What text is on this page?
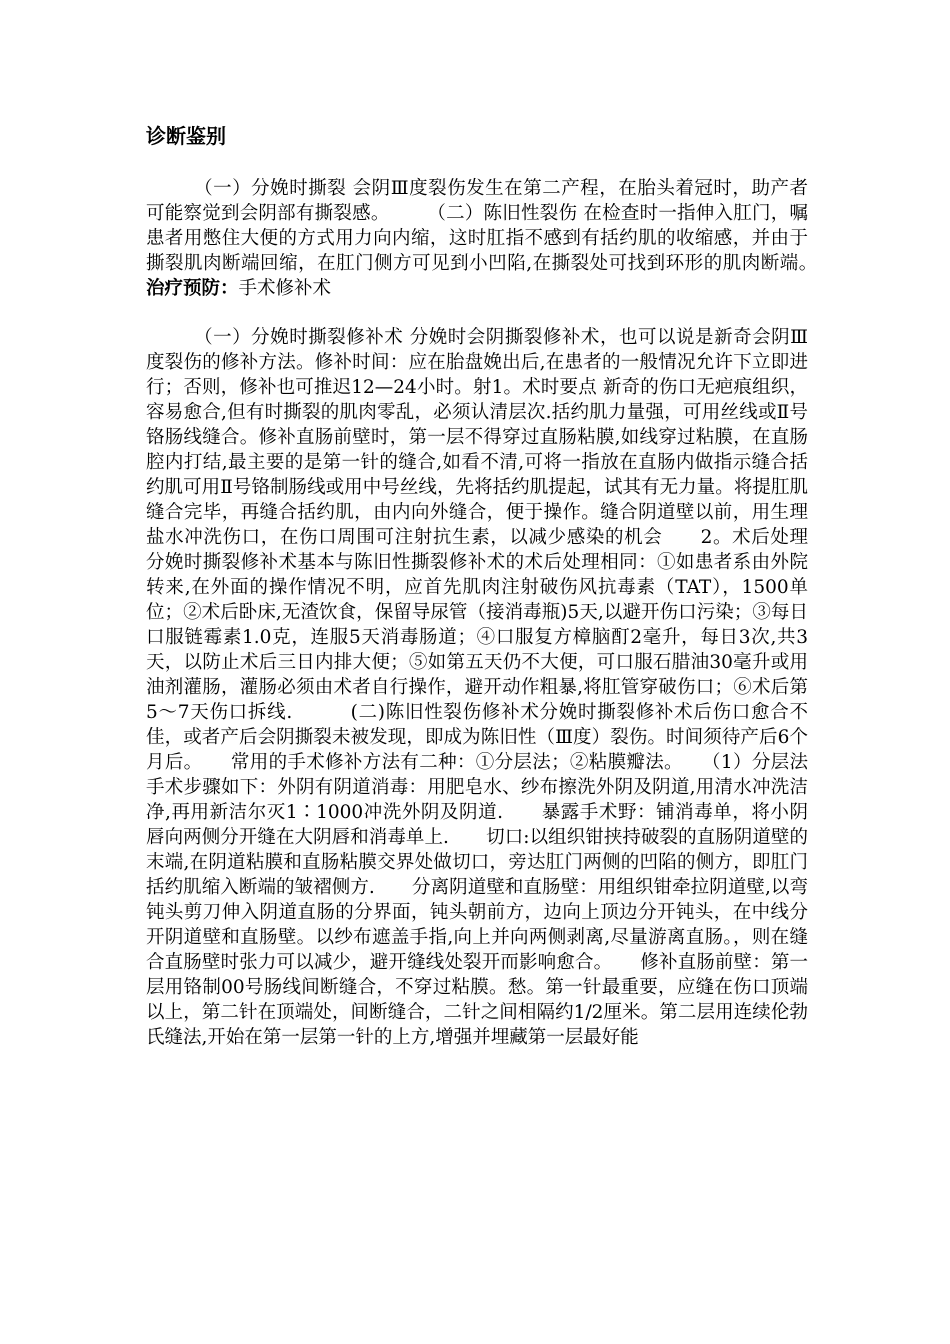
诊断鉴别

（一）分娩时撕裂 会阴Ⅲ度裂伤发生在第二产程，在胎头着冠时，助产者可能察觉到会阴部有撕裂感。　　　（二）陈旧性裂伤 在检查时一指伸入肛门，嘱患者用憋住大便的方式用力向内缩，这时肛指不感到有括约肌的收缩感，并由于撕裂肌肉断端回缩，在肛门侧方可见到小凹陷,在撕裂处可找到环形的肌肉断端。　　　治疗预防：手术修补术

（一）分娩时撕裂修补术 分娩时会阴撕裂修补术，也可以说是新奇会阴Ⅲ度裂伤的修补方法。修补时间：应在胎盘娩出后,在患者的一般情况允许下立即进行；否则，修补也可推迟12—24小时。射1。术时要点 新奇的伤口无疤痕组织，容易愈合,但有时撕裂的肌肉零乱，必须认清层次.括约肌力量强，可用丝线或Ⅱ号铬肠线缝合。修补直肠前壁时，第一层不得穿过直肠粘膜,如线穿过粘膜，在直肠腔内打结,最主要的是第一针的缝合,如看不清,可将一指放在直肠内做指示缝合括约肌可用Ⅱ号铬制肠线或用中号丝线，先将括约肌提起，试其有无力量。将提肛肌缝合完毕，再缝合括约肌，由内向外缝合，便于操作。缝合阴道壁以前，用生理盐水冲洗伤口，在伤口周围可注射抗生素，以减少感染的机会　　2。术后处理 分娩时撕裂修补术基本与陈旧性撕裂修补术的术后处理相同：①如患者系由外院转来,在外面的操作情况不明，应首先肌肉注射破伤风抗毒素（TAT），1500单位；②术后卧床,无渣饮食，保留导尿管（接消毒瓶)5天,以避开伤口污染；③每日口服链霉素1.0克，连服5天消毒肠道；④口服复方樟脑酊2毫升，每日3次,共3天，以防止术后三日内排大便；⑤如第五天仍不大便，可口服石腊油30毫升或用油剂灌肠，灌肠必须由术者自行操作，避开动作粗暴,将肛管穿破伤口；⑥术后第5～7天伤口拆线.　　　(二)陈旧性裂伤修补术分娩时撕裂修补术后伤口愈合不佳，或者产后会阴撕裂未被发现，即成为陈旧性（Ⅲ度）裂伤。时间须待产后6个月后。　　常用的手术修补方法有二种：①分层法；②粘膜瓣法。　　（1）分层法 手术步骤如下：外阴有阴道消毒：用肥皂水、纱布擦洗外阴及阴道,用清水冲洗洁净,再用新洁尔灭1∶1000冲洗外阴及阴道.　　暴露手术野：铺消毒单，将小阴唇向两侧分开缝在大阴唇和消毒单上.　　切口:以组织钳挟持破裂的直肠阴道壁的末端,在阴道粘膜和直肠粘膜交界处做切口，旁达肛门两侧的凹陷的侧方，即肛门括约肌缩入断端的皱褶侧方.　　分离阴道壁和直肠壁：用组织钳牵拉阴道壁,以弯钝头剪刀伸入阴道直肠的分界面，钝头朝前方，边向上顶边分开钝头，在中线分开阴道壁和直肠壁。以纱布遮盖手指,向上并向两侧剥离,尽量游离直肠。，则在缝合直肠壁时张力可以减少，避开缝线处裂开而影响愈合。　　修补直肠前壁：第一层用铬制00号肠线间断缝合，不穿过粘膜。愁。第一针最重要，应缝在伤口顶端以上，第二针在顶端处，间断缝合，二针之间相隔约1/2厘米。第二层用连续伦勃氏缝法,开始在第一层第一针的上方,增强并埋藏第一层最好能
